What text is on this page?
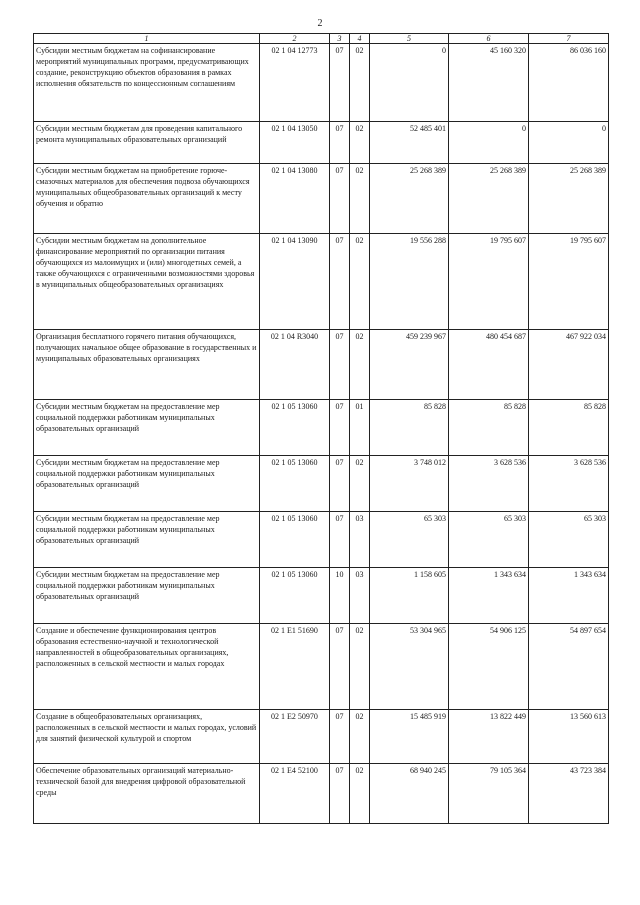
2
1	2	3	4	5	6	7
Субсидии местным бюджетам на софинансирование мероприятий муниципальных программ, предусматривающих создание, реконструкцию объектов образования в рамках исполнения обязательств по концессионным соглашениям	02 1 04 12773	07	02	0	45 160 320	86 036 160
Субсидии местным бюджетам для проведения капитального ремонта муниципальных образовательных организаций	02 1 04 13050	07	02	52 485 401	0	0
Субсидии местным бюджетам на приобретение горюче-смазочных материалов для обеспечения подвоза обучающихся муниципальных общеобразовательных организаций к месту обучения и обратно	02 1 04 13080	07	02	25 268 389	25 268 389	25 268 389
Субсидии местным бюджетам на дополнительное финансирование мероприятий по организации питания обучающихся из малоимущих и (или) многодетных семей, а также обучающихся с ограниченными возможностями здоровья в муниципальных общеобразовательных организациях	02 1 04 13090	07	02	19 556 288	19 795 607	19 795 607
Организация бесплатного горячего питания обучающихся, получающих начальное общее образование в государственных и муниципальных образовательных организациях	02 1 04 R3040	07	02	459 239 967	480 454 687	467 922 034
Субсидии местным бюджетам на предоставление мер социальной поддержки работникам муниципальных образовательных организаций	02 1 05 13060	07	01	85 828	85 828	85 828
Субсидии местным бюджетам на предоставление мер социальной поддержки работникам муниципальных образовательных организаций	02 1 05 13060	07	02	3 748 012	3 628 536	3 628 536
Субсидии местным бюджетам на предоставление мер социальной поддержки работникам муниципальных образовательных организаций	02 1 05 13060	07	03	65 303	65 303	65 303
Субсидии местным бюджетам на предоставление мер социальной поддержки работникам муниципальных образовательных организаций	02 1 05 13060	10	03	1 158 605	1 343 634	1 343 634
Создание и обеспечение функционирования центров образования естественно-научной и технологической направленностей в общеобразовательных организациях, расположенных в сельской местности и малых городах	02 1 E1 51690	07	02	53 304 965	54 906 125	54 897 654
Создание в общеобразовательных организациях, расположенных в сельской местности и малых городах, условий для занятий физической культурой и спортом	02 1 E2 50970	07	02	15 485 919	13 822 449	13 560 613
Обеспечение образовательных организаций материально-технической базой для внедрения цифровой образовательной среды	02 1 E4 52100	07	02	68 940 245	79 105 364	43 723 384
